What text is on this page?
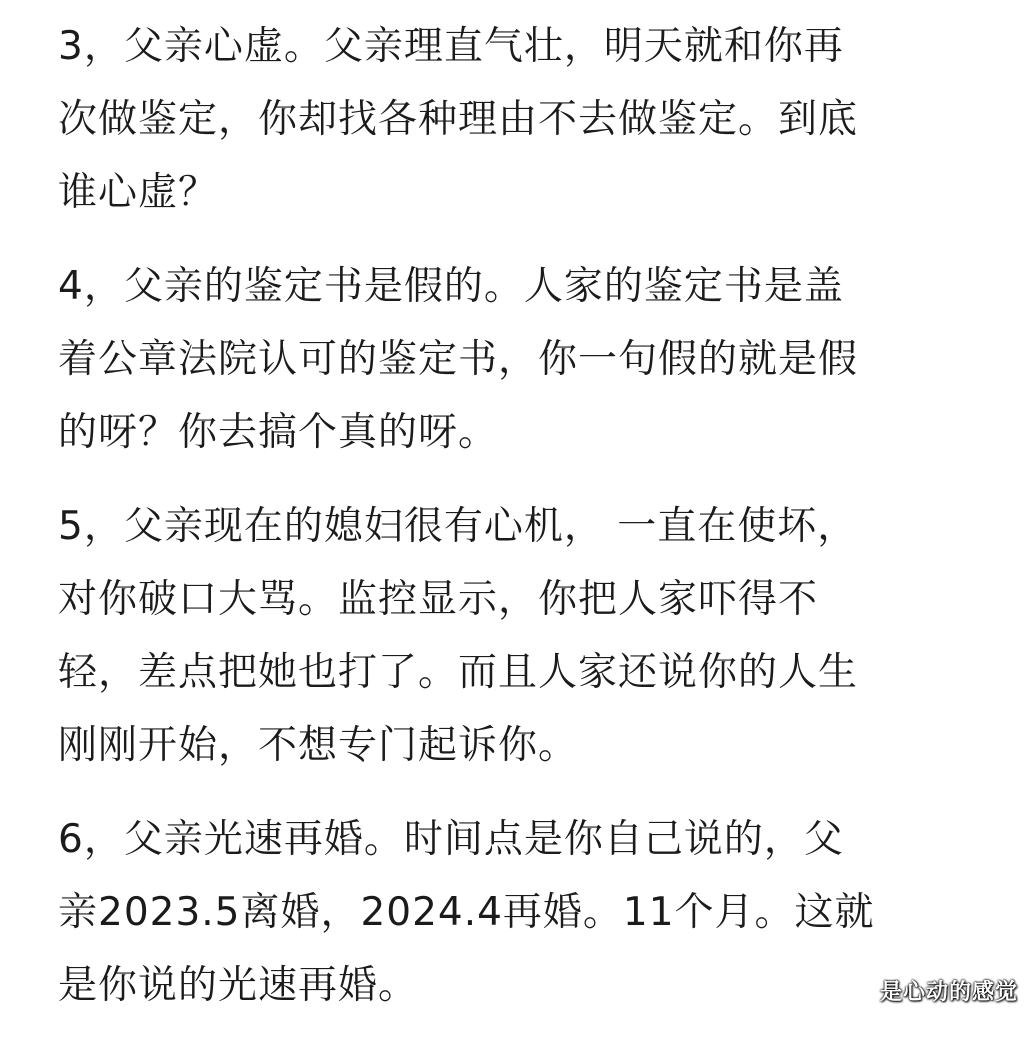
3，父亲心虚。父亲理直气壮，明天就和你再
次做鉴定，你却找各种理由不去做鉴定。到底
谁心虚？
4，父亲的鉴定书是假的。人家的鉴定书是盖
着公章法院认可的鉴定书，你一句假的就是假
的呀？你去搞个真的呀。
5，父亲现在的媳妇很有心机， 一直在使坏，
对你破口大骂。监控显示，你把人家吓得不
轻，差点把她也打了。而且人家还说你的人生
刚刚开始，不想专门起诉你。
6，父亲光速再婚。时间点是你自己说的，父
亲2023.5离婚，2024.4再婚。11个月。这就
是你说的光速再婚。	是心动的感觉
